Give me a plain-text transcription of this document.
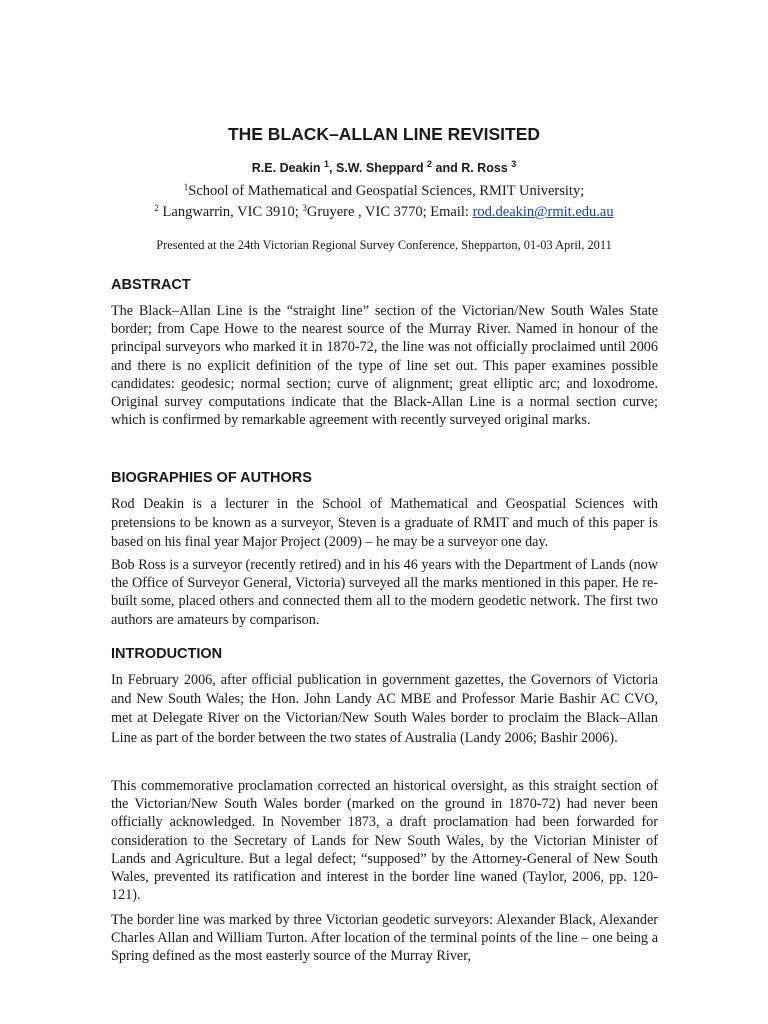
THE BLACK–ALLAN LINE REVISITED
R.E. Deakin $^1$, S.W. Sheppard $^2$ and R. Ross $^3$
$^1$School of Mathematical and Geospatial Sciences, RMIT University;
$^2$ Langwarrin, VIC 3910; $^3$Gruyere , VIC 3770; Email: rod.deakin@rmit.edu.au
Presented at the 24th Victorian Regional Survey Conference, Shepparton, 01-03 April, 2011
ABSTRACT

The Black–Allan Line is the “straight line” section of the Victorian/New South Wales State border; from Cape Howe to the nearest source of the Murray River. Named in honour of the principal surveyors who marked it in 1870-72, the line was not officially proclaimed until 2006 and there is no explicit definition of the type of line set out. This paper examines possible candidates: geodesic; normal section; curve of alignment; great elliptic arc; and loxodrome. Original survey computations indicate that the Black-Allan Line is a normal section curve; which is confirmed by remarkable agreement with recently surveyed original marks.

BIOGRAPHIES OF AUTHORS

Rod Deakin is a lecturer in the School of Mathematical and Geospatial Sciences with pretensions to be known as a surveyor, Steven is a graduate of RMIT and much of this paper is based on his final year Major Project (2009) – he may be a surveyor one day.

Bob Ross is a surveyor (recently retired) and in his 46 years with the Department of Lands (now the Office of Surveyor General, Victoria) surveyed all the marks mentioned in this paper. He re-built some, placed others and connected them all to the modern geodetic network. The first two authors are amateurs by comparison.

INTRODUCTION

In February 2006, after official publication in government gazettes, the Governors of Victoria and New South Wales; the Hon. John Landy AC MBE and Professor Marie Bashir AC CVO, met at Delegate River on the Victorian/New South Wales border to proclaim the Black–Allan Line as part of the border between the two states of Australia (Landy 2006; Bashir 2006).

This commemorative proclamation corrected an historical oversight, as this straight section of the Victorian/New South Wales border (marked on the ground in 1870-72) had never been officially acknowledged. In November 1873, a draft proclamation had been forwarded for consideration to the Secretary of Lands for New South Wales, by the Victorian Minister of Lands and Agriculture. But a legal defect; “supposed” by the Attorney-General of New South Wales, prevented its ratification and interest in the border line waned (Taylor, 2006, pp. 120-121).

The border line was marked by three Victorian geodetic surveyors: Alexander Black, Alexander Charles Allan and William Turton. After location of the terminal points of the line – one being a Spring defined as the most easterly source of the Murray River,
